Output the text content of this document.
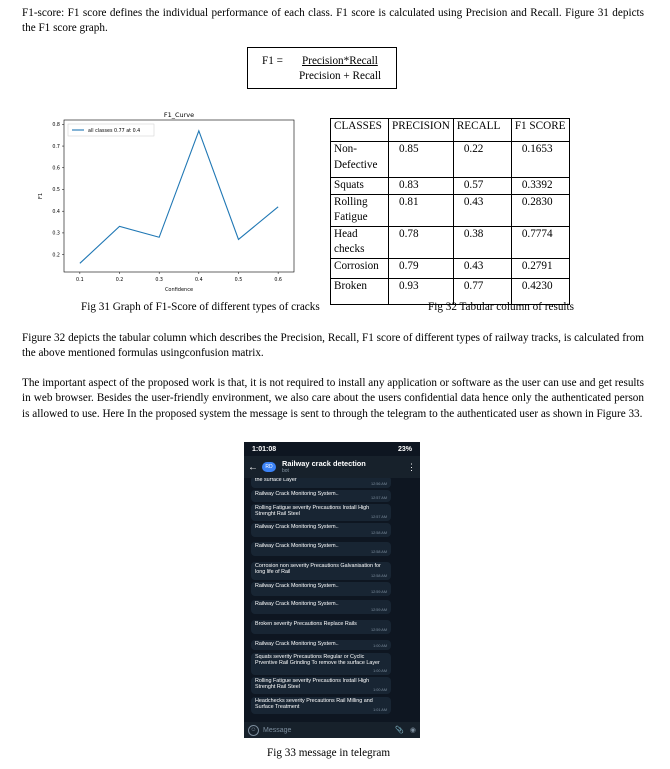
F1-score: F1 score defines the individual performance of each class. F1 score is calculated using Precision and Recall. Figure 31 depicts the F1 score graph.

F1 = Precision*Recall
Precision + Recall
F1_Curve
Confidence
F1
0.1	0.2	0.3	0.4	0.5	0.6
0.2
0.3
0.4
0.5
0.6
0.7
0.8
all classes 0.77 at 0.4	CLASSES	PRECISION	RECALL	F1 SCORE
Non-Defective	0.85	0.22	0.1653
Squats	0.83	0.57	0.3392
Rolling Fatigue	0.81	0.43	0.2830
Head checks	0.78	0.38	0.7774
Corrosion	0.79	0.43	0.2791
Broken	0.93	0.77	0.4230
Fig 31 Graph of F1-Score of different types of cracks	Fig 32 Tabular column of results

Figure 32 depicts the tabular column which describes the Precision, Recall, F1 score of different types of railway tracks, is calculated from the above mentioned formulas usingconfusion matrix.

The important aspect of the proposed work is that, it is not required to install any application or software as the user can use and get results in web browser. Besides the user-friendly environment, we also care about the users confidential data hence only the authenticated person is allowed to use. Here In the proposed system the message is sent to through the telegram to the authenticated user as shown in Figure 33.

1:01:08	23%
←	RD	Railway crack detection
bot	⋮
the surface Layer
12:56 AM
Railway Crack Monitoring System..
12:57 AM
Rolling Fatigue severity Precautions Install High Strenght Rail Steel	12:57 AM
Railway Crack Monitoring System..
12:58 AM
Railway Crack Monitoring System..
12:58 AM
Corrosion non severity Precautions Galvanisation for long life of Rail
12:58 AM
Railway Crack Monitoring System..
12:59 AM
Railway Crack Monitoring System..
12:59 AM
Broken severity Precautions Replace Rails
12:59 AM
Railway Crack Monitoring System..	1:00 AM
Squats severity Precautions Regular or Cyclic Prventive Rail Grinding To remove the surface Layer
1:00 AM
Rolling Fatigue severity Precautions Install High Strenght Rail Steel	1:00 AM
Headchecks severity Precautions Rail Milling and Surface Treatment	1:01 AM
☺ Message	📎 ◉
Fig 33 message in telegram
